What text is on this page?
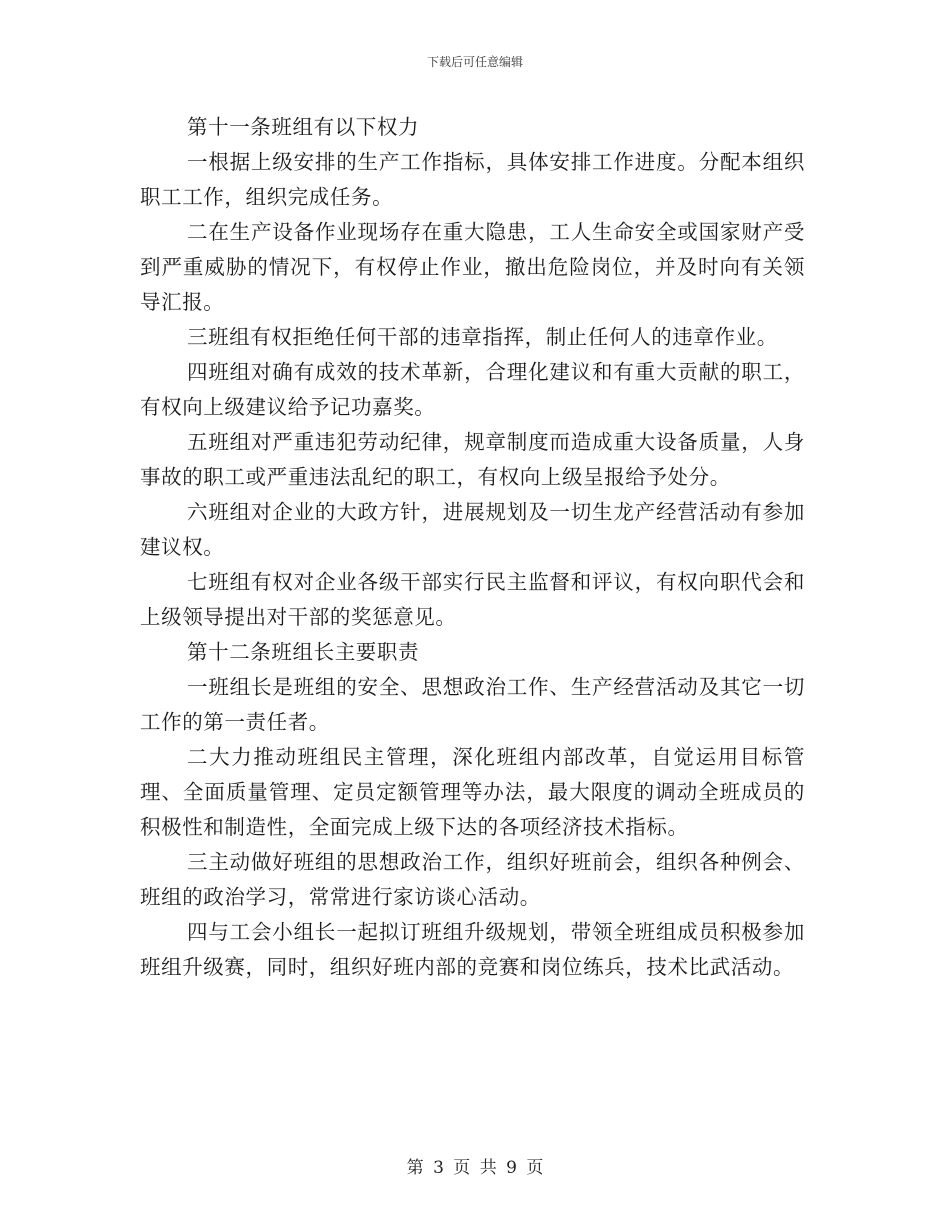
下载后可任意编辑

第十一条班组有以下权力

一根据上级安排的生产工作指标，具体安排工作进度。分配本组织职工工作，组织完成任务。

二在生产设备作业现场存在重大隐患，工人生命安全或国家财产受到严重威胁的情况下，有权停止作业，撤出危险岗位，并及时向有关领导汇报。

三班组有权拒绝任何干部的违章指挥，制止任何人的违章作业。

四班组对确有成效的技术革新，合理化建议和有重大贡献的职工，有权向上级建议给予记功嘉奖。

五班组对严重违犯劳动纪律，规章制度而造成重大设备质量，人身事故的职工或严重违法乱纪的职工，有权向上级呈报给予处分。

六班组对企业的大政方针，进展规划及一切生龙产经营活动有参加建议权。

七班组有权对企业各级干部实行民主监督和评议，有权向职代会和上级领导提出对干部的奖惩意见。

第十二条班组长主要职责

一班组长是班组的安全、思想政治工作、生产经营活动及其它一切工作的第一责任者。

二大力推动班组民主管理，深化班组内部改革，自觉运用目标管理、全面质量管理、定员定额管理等办法，最大限度的调动全班成员的积极性和制造性，全面完成上级下达的各项经济技术指标。

三主动做好班组的思想政治工作，组织好班前会，组织各种例会、班组的政治学习，常常进行家访谈心活动。

四与工会小组长一起拟订班组升级规划，带领全班组成员积极参加班组升级赛，同时，组织好班内部的竞赛和岗位练兵，技术比武活动。

第 3 页 共 9 页
